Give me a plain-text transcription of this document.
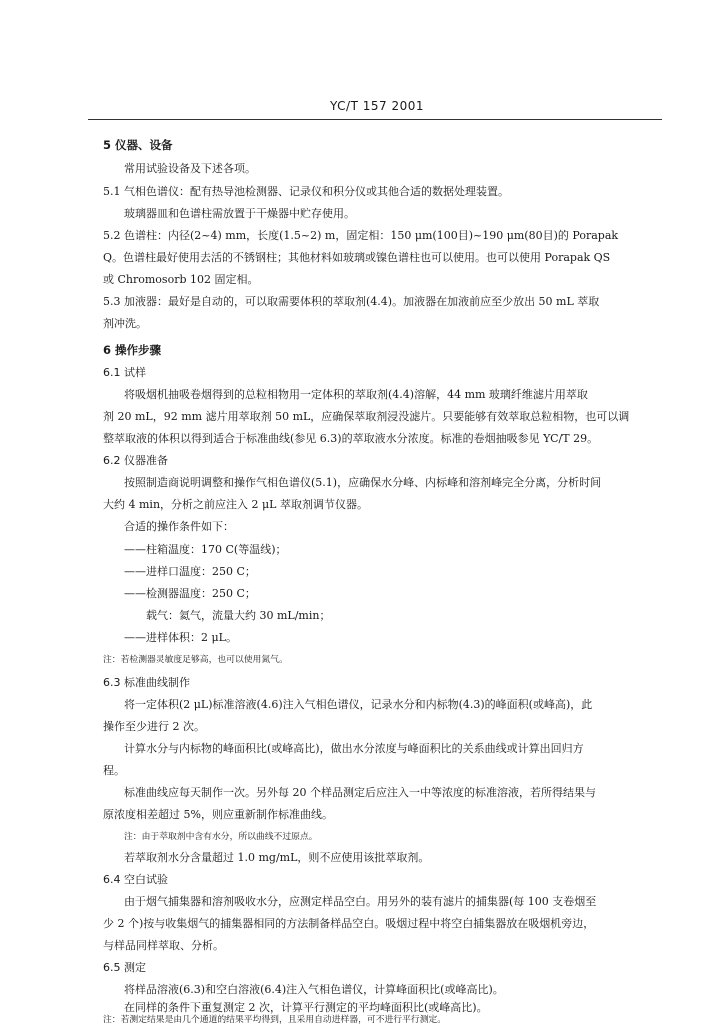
YC/T 157 2001
5 仪器、设备
常用试验设备及下述各项。
5.1 气相色谱仪：配有热导池检测器、记录仪和积分仪或其他合适的数据处理装置。
玻璃器皿和色谱柱需放置于干燥器中贮存使用。
5.2 色谱柱：内径(2~4) mm，长度(1.5~2) m，固定相：150 μm(100目)~190 μm(80目)的 Porapak
Q。色谱柱最好使用去活的不锈钢柱；其他材料如玻璃或镍色谱柱也可以使用。也可以使用 Porapak QS
或 Chromosorb 102 固定相。
5.3 加液器：最好是自动的，可以取需要体积的萃取剂(4.4)。加液器在加液前应至少放出 50 mL 萃取
剂冲洗。
6 操作步骤
6.1 试样
将吸烟机抽吸卷烟得到的总粒相物用一定体积的萃取剂(4.4)溶解，44 mm 玻璃纤维滤片用萃取
剂 20 mL，92 mm 滤片用萃取剂 50 mL，应确保萃取剂浸没滤片。只要能够有效萃取总粒相物，也可以调
整萃取液的体积以得到适合于标准曲线(参见 6.3)的萃取液水分浓度。标准的卷烟抽吸参见 YC/T 29。
6.2 仪器准备
按照制造商说明调整和操作气相色谱仪(5.1)，应确保水分峰、内标峰和溶剂峰完全分离，分析时间
大约 4 min，分析之前应注入 2 μL 萃取剂调节仪器。
合适的操作条件如下：
——柱箱温度：170 C(等温线)；
——进样口温度：250 C；
——检测器温度：250 C；
载气：氦气，流量大约 30 mL/min；
——进样体积：2 μL。
注：若检测器灵敏度足够高，也可以使用氮气。
6.3 标准曲线制作
将一定体积(2 μL)标准溶液(4.6)注入气相色谱仪，记录水分和内标物(4.3)的峰面积(或峰高)，此
操作至少进行 2 次。
计算水分与内标物的峰面积比(或峰高比)，做出水分浓度与峰面积比的关系曲线或计算出回归方
程。
标准曲线应每天制作一次。另外每 20 个样品测定后应注入一中等浓度的标准溶液，若所得结果与
原浓度相差超过 5%，则应重新制作标准曲线。
注：由于萃取剂中含有水分，所以曲线不过原点。
若萃取剂水分含量超过 1.0 mg/mL，则不应使用该批萃取剂。
6.4 空白试验
由于烟气捕集器和溶剂吸收水分，应测定样品空白。用另外的装有滤片的捕集器(每 100 支卷烟至
少 2 个)按与收集烟气的捕集器相同的方法制备样品空白。吸烟过程中将空白捕集器放在吸烟机旁边，
与样品同样萃取、分析。
6.5 测定
将样品溶液(6.3)和空白溶液(6.4)注入气相色谱仪，计算峰面积比(或峰高比)。
在同样的条件下重复测定 2 次，计算平行测定的平均峰面积比(或峰高比)。
注：若测定结果是由几个通道的结果平均得到，且采用自动进样器，可不进行平行测定。
